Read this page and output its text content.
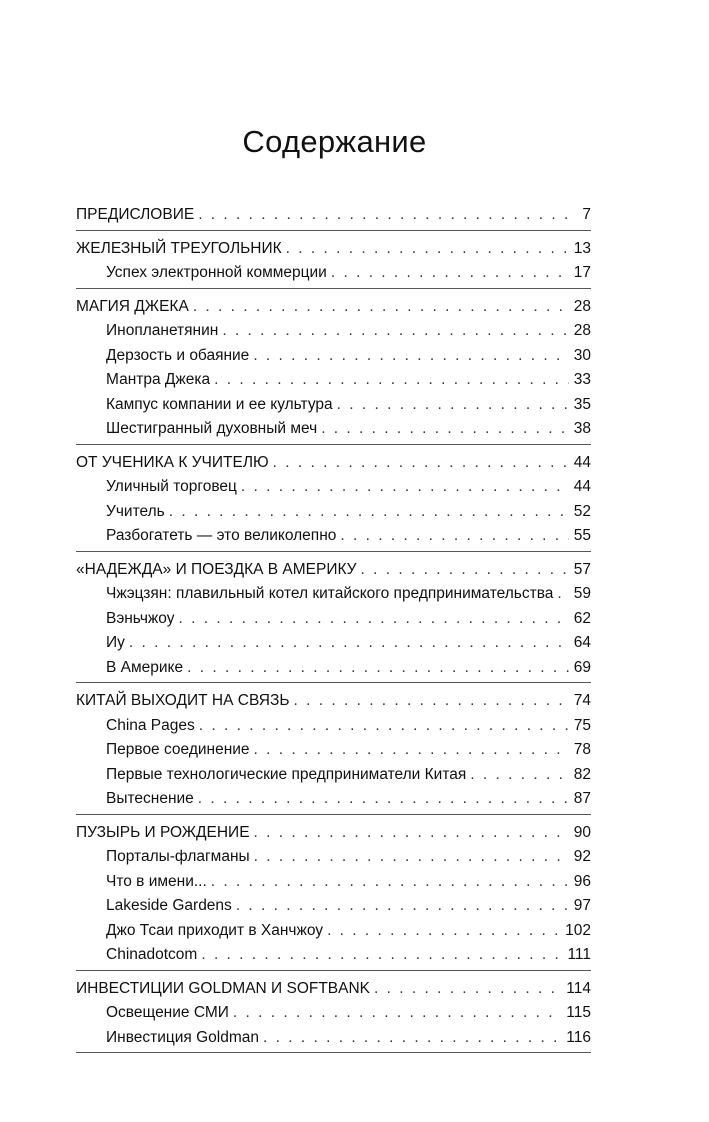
Содержание
ПРЕДИСЛОВИЕ . . .	7
ЖЕЛЕЗНЫЙ ТРЕУГОЛЬНИК . . .	13
Успех электронной коммерции . . .	17
МАГИЯ ДЖЕКА . . .	28
Инопланетянин . . .	28
Дерзость и обаяние . . .	30
Мантра Джека . . .	33
Кампус компании и ее культура . . .	35
Шестигранный духовный меч . . .	38
ОТ УЧЕНИКА К УЧИТЕЛЮ . . .	44
Уличный торговец . . .	44
Учитель . . .	52
Разбогатеть — это великолепно . . .	55
«НАДЕЖДА» И ПОЕЗДКА В АМЕРИКУ . . .	57
Чжэцзян: плавильный котел китайского предпринимательства . . . 59
Вэньчжоу . . .	62
Иу . . .	64
В Америке . . .	69
КИТАЙ ВЫХОДИТ НА СВЯЗЬ . . .	74
China Pages . . .	75
Первое соединение . . .	78
Первые технологические предприниматели Китая . . .	82
Вытеснение . . .	87
ПУЗЫРЬ И РОЖДЕНИЕ . . .	90
Порталы-флагманы . . .	92
Что в имени... . . .	96
Lakeside Gardens . . .	97
Джо Тсаи приходит в Ханчжоу . . .	102
Chinadotcom . . .	111
ИНВЕСТИЦИИ GOLDMAN И SOFTBANK . . .	114
Освещение СМИ . . .	115
Инвестиция Goldman . . .	116
